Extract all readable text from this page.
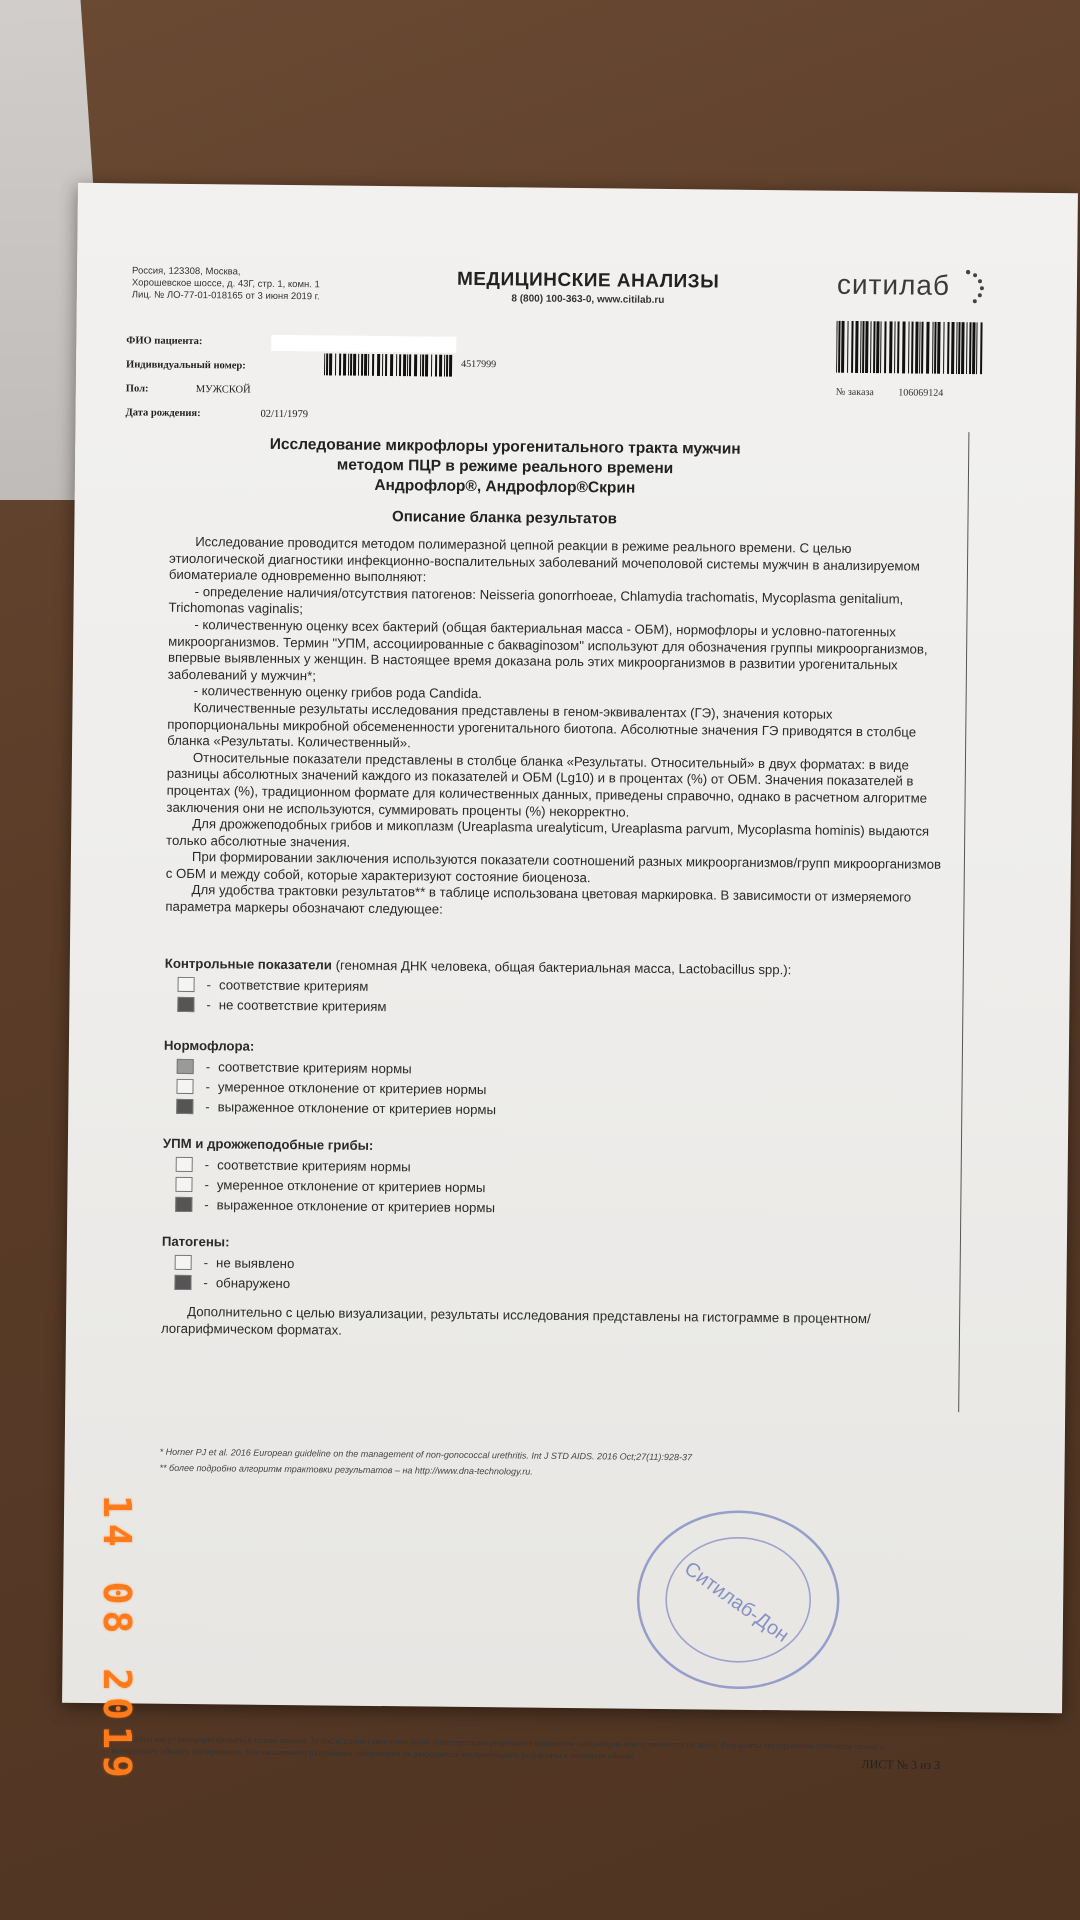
Россия, 123308, Москва,
Хорошевское шоссе, д. 43Г, стр. 1, комн. 1
Лиц. № ЛО-77-01-018165 от 3 июня 2019 г.
МЕДИЦИНСКИЕ АНАЛИЗЫ
8 (800) 100-363-0, www.citilab.ru	ситилаб
№ заказа 106069124
ФИО пациента:
Индивидуальный номер:	4517999
Пол:	МУЖСКОЙ
Дата рождения:	02/11/1979
Исследование микрофлоры урогенитального тракта мужчин
методом ПЦР в режиме реального времени
Андрофлор®, Андрофлор®Скрин
Описание бланка результатов

Исследование проводится методом полимеразной цепной реакции в режиме реального времени. С целью этиологической диагностики инфекционно-воспалительных заболеваний мочеполовой системы мужчин в анализируемом биоматериале одновременно выполняют:

- определение наличия/отсутствия патогенов: Neisseria gonorrhoeae, Chlamydia trachomatis, Mycoplasma genitalium, Trichomonas vaginalis;

- количественную оценку всех бактерий (общая бактериальная масса - ОБМ), нормофлоры и условно-патогенных микроорганизмов. Термин "УПМ, ассоциированные с бакваginозом" используют для обозначения группы микроорганизмов, впервые выявленных у женщин. В настоящее время доказана роль этих микроорганизмов в развитии урогенитальных заболеваний у мужчин*;

- количественную оценку грибов рода Candida.

Количественные результаты исследования представлены в геном-эквивалентах (ГЭ), значения которых пропорциональны микробной обсемененности урогенитального биотопа. Абсолютные значения ГЭ приводятся в столбце бланка «Результаты. Количественный».

Относительные показатели представлены в столбце бланка «Результаты. Относительный» в двух форматах: в виде разницы абсолютных значений каждого из показателей и ОБМ (Lg10) и в процентах (%) от ОБМ. Значения показателей в процентах (%), традиционном формате для количественных данных, приведены справочно, однако в расчетном алгоритме заключения они не используются, суммировать проценты (%) некорректно.

Для дрожжеподобных грибов и микоплазм (Ureaplasma urealyticum, Ureaplasma parvum, Mycoplasma hominis) выдаются только абсолютные значения.

При формировании заключения используются показатели соотношений разных микроорганизмов/групп микроорганизмов с ОБМ и между собой, которые характеризуют состояние биоценоза.

Для удобства трактовки результатов** в таблице использована цветовая маркировка. В зависимости от измеряемого параметра маркеры обозначают следующее:

Контрольные показатели (геномная ДНК человека, общая бактериальная масса, Lactobacillus spp.):
- соответствие критериям
- не соответствие критериям
Нормофлора:
- соответствие критериям нормы
- умеренное отклонение от критериев нормы
- выраженное отклонение от критериев нормы
УПМ и дрожжеподобные грибы:
- соответствие критериям нормы
- умеренное отклонение от критериев нормы
- выраженное отклонение от критериев нормы
Патогены:
- не выявлено
- обнаружено

Дополнительно с целью визуализации, результаты исследования представлены на гистограмме в процентном/логарифмическом форматах.

* Horner PJ et al. 2016 European guideline on the management of non-gonococcal urethritis. Int J STD AIDS. 2016 Oct;27(11):928-37
** более подробно алгоритм трактовки результатов – на http://www.dna-technology.ru.
Ситилаб-Дон
Результаты могут интерпретироваться только врачом. За последствия самостоятельной интерпретации результатов пациентом лаборатория ответственности не несет. Результаты тестирования относятся только к конкретному объекту тестирования. Без письменного разрешения лаборатории не разрешается воспроизводить результаты в неполном объеме.
ЛИСТ № 3 из 3
14 08 2019
